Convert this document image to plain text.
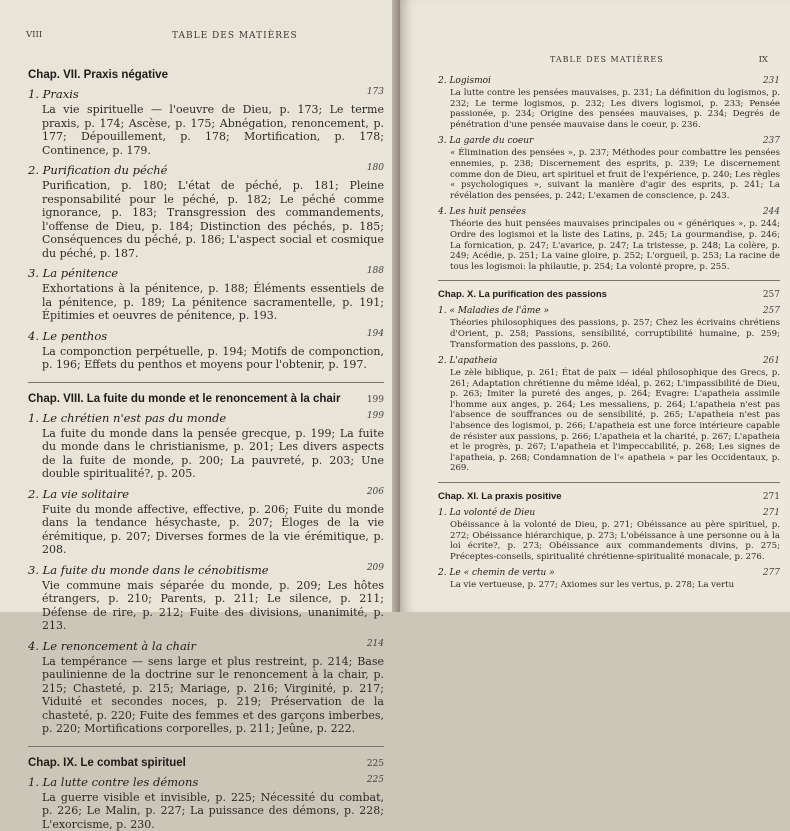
VIII	TABLE DES MATIÈRES
Chap. VII. Praxis négative
1. Praxis	173
La vie spirituelle — l'oeuvre de Dieu, p. 173; Le terme praxis, p. 174; Ascèse, p. 175; Abnégation, renoncement, p. 177; Dépouillement, p. 178; Mortification, p. 178; Continence, p. 179.
2. Purification du péché	180
Purification, p. 180; L'état de péché, p. 181; Pleine responsabilité pour le péché, p. 182; Le péché comme ignorance, p. 183; Transgression des commandements, l'offense de Dieu, p. 184; Distinction des péchés, p. 185; Conséquences du péché, p. 186; L'aspect social et cosmique du péché, p. 187.
3. La pénitence	188
Exhortations à la pénitence, p. 188; Éléments essentiels de la pénitence, p. 189; La pénitence sacramentelle, p. 191; Épitimies et oeuvres de pénitence, p. 193.
4. Le penthos	194
La componction perpétuelle, p. 194; Motifs de componction, p. 196; Effets du penthos et moyens pour l'obtenir, p. 197.
Chap. VIII. La fuite du monde et le renoncement à la chair	199
1. Le chrétien n'est pas du monde	199
La fuite du monde dans la pensée grecque, p. 199; La fuite du monde dans le christianisme, p. 201; Les divers aspects de la fuite de monde, p. 200; La pauvreté, p. 203; Une double spiritualité?, p. 205.
2. La vie solitaire	206
Fuite du monde affective, effective, p. 206; Fuite du monde dans la tendance hésychaste, p. 207; Éloges de la vie érémitique, p. 207; Diverses formes de la vie érémitique, p. 208.
3. La fuite du monde dans le cénobitisme	209
Vie commune mais séparée du monde, p. 209; Les hôtes étrangers, p. 210; Parents, p. 211; Le silence, p. 211; Défense de rire, p. 212; Fuite des divisions, unanimité, p. 213.
4. Le renoncement à la chair	214
La tempérance — sens large et plus restreint, p. 214; Base paulinienne de la doctrine sur le renoncement à la chair, p. 215; Chasteté, p. 215; Mariage, p. 216; Virginité, p. 217; Viduité et secondes noces, p. 219; Préservation de la chasteté, p. 220; Fuite des femmes et des garçons imberbes, p. 220; Mortifications corporelles, p. 211; Jeûne, p. 222.
Chap. IX. Le combat spirituel	225
1. La lutte contre les démons	225
La guerre visible et invisible, p. 225; Nécessité du combat, p. 226; Le Malin, p. 227; La puissance des démons, p. 228; L'exorcisme, p. 230.
TABLE DES MATIÈRES	IX
2. Logismoi	231
La lutte contre les pensées mauvaises, p. 231; La définition du logismos, p. 232; Le terme logismos, p. 232; Les divers logismoi, p. 233; Pensée passionée, p. 234; Origine des pensées mauvaises, p. 234; Degrés de pénétration d'une pensée mauvaise dans le coeur, p. 236.
3. La garde du coeur	237
« Élimination des pensées », p. 237; Méthodes pour combattre les pensées ennemies, p. 238; Discernement des esprits, p. 239; Le discernement comme don de Dieu, art spirituel et fruit de l'expérience, p. 240; Les règles « psychologiques », suivant la manière d'agir des esprits, p. 241; La révélation des pensées, p. 242; L'examen de conscience, p. 243.
4. Les huit pensées	244
Théorie des huit pensées mauvaises principales ou « génériques », p. 244; Ordre des logismoi et la liste des Latins, p. 245; La gourmandise, p. 246; La fornication, p. 247; L'avarice, p. 247; La tristesse, p. 248; La colère, p. 249; Acédie, p. 251; La vaine gloire, p. 252; L'orgueil, p. 253; La racine de tous les logismoi: la philautie, p. 254; La volonté propre, p. 255.
Chap. X. La purification des passions	257
1. « Maladies de l'âme »	257
Théories philosophiques des passions, p. 257; Chez les écrivains chrétiens d'Orient, p. 258; Passions, sensibilité, corruptibilité humaine, p. 259; Transformation des passions, p. 260.
2. L'apatheia	261
Le zèle biblique, p. 261; État de paix — idéal philosophique des Grecs, p. 261; Adaptation chrétienne du même idéal, p. 262; L'impassibilité de Dieu, p. 263; Imiter la pureté des anges, p. 264; Evagre: L'apatheia assimile l'homme aux anges, p. 264; Les messaliens, p. 264; L'apatheia n'est pas l'absence de souffrances ou de sensibilité, p. 265; L'apatheia n'est pas l'absence des logismoi, p. 266; L'apatheia est une force intérieure capable de résister aux passions, p. 266; L'apatheia et la charité, p. 267; L'apatheia et le progrès, p. 267; L'apatheia et l'impeccabilité, p. 268; Les signes de l'apatheia, p. 268; Condamnation de l'« apatheia » par les Occidentaux, p. 269.
Chap. XI. La praxis positive	271
1. La volonté de Dieu	271
Obéissance à la volonté de Dieu, p. 271; Obéissance au père spirituel, p. 272; Obéissance hiérarchique, p. 273; L'obéissance à une personne ou à la loi écrite?, p. 273; Obéissance aux commandements divins, p. 275; Préceptes-conseils, spiritualité chrétienne-spiritualité monacale, p. 276.
2. Le « chemin de vertu »	277
La vie vertueuse, p. 277; Axiomes sur les vertus, p. 278; La vertu
